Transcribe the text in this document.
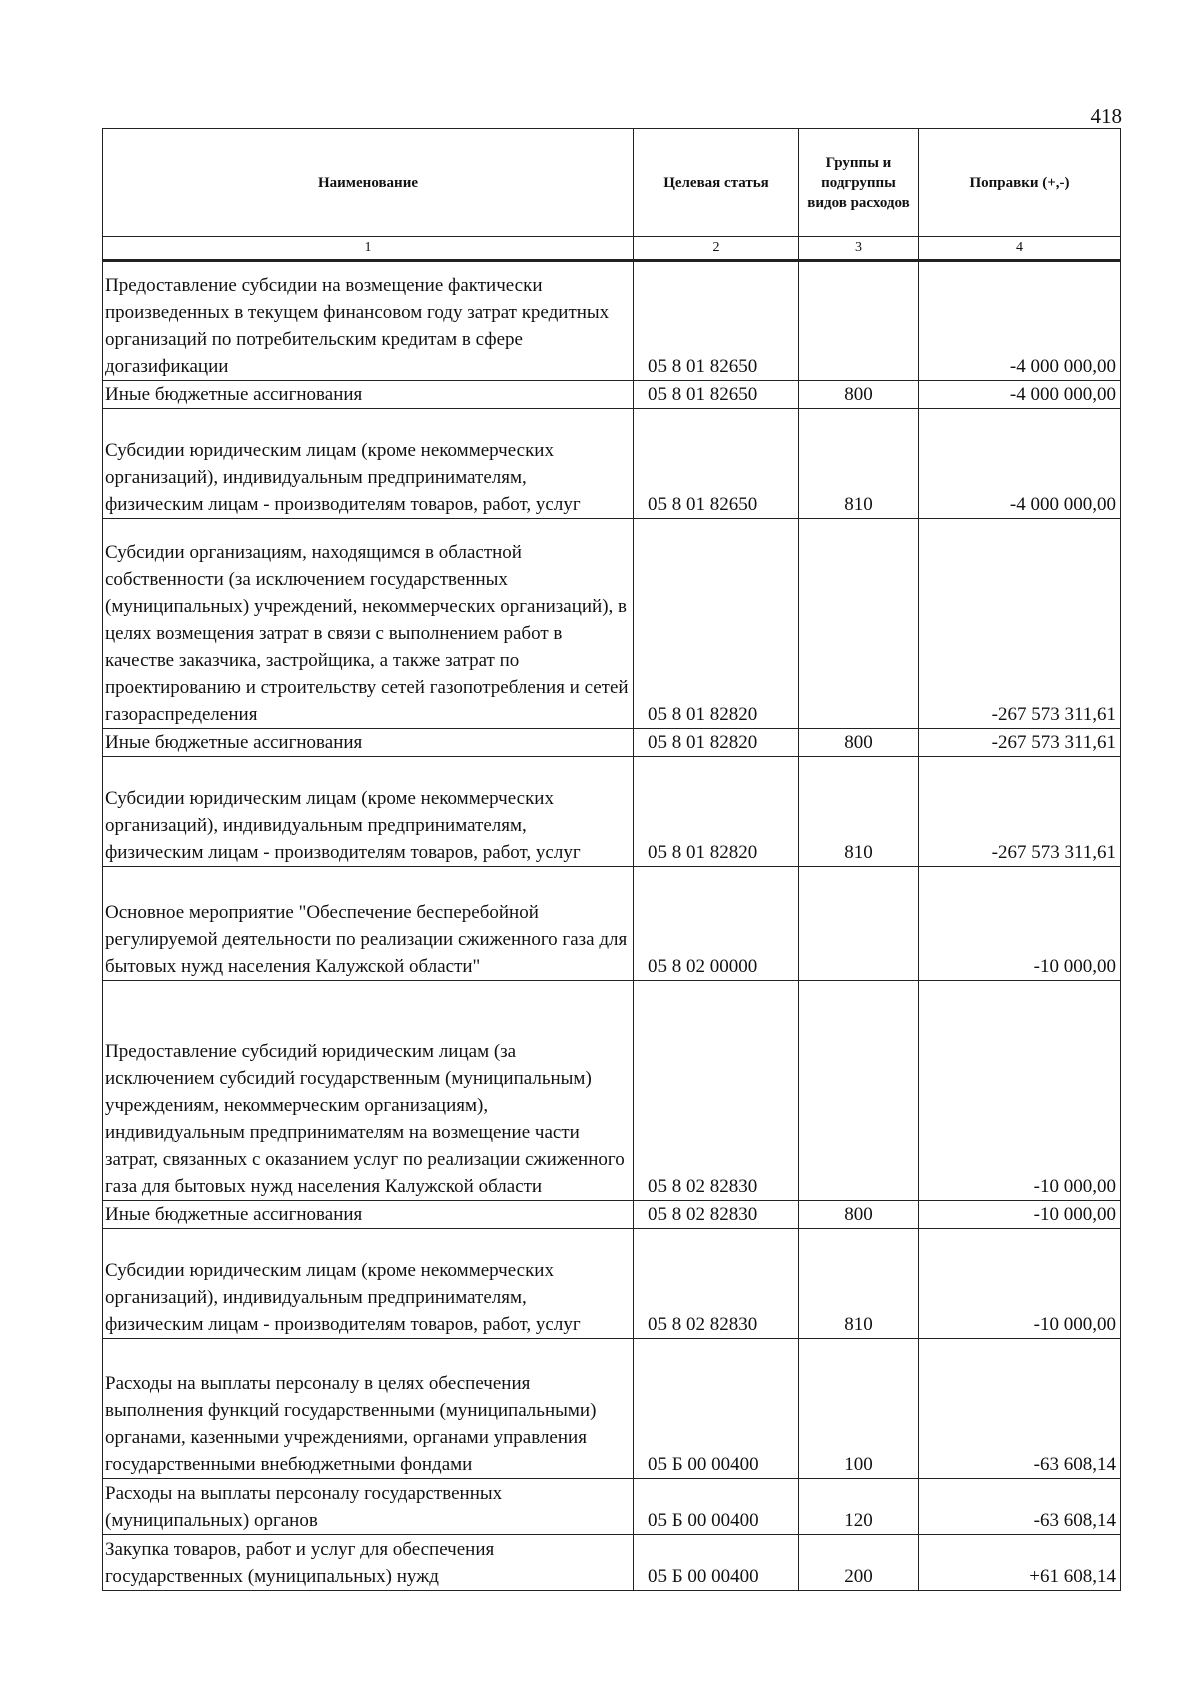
418
Наименование	Целевая статья	Группы и подгруппы видов расходов	Поправки (+,-)
1	2	3	4
Предоставление субсидии на возмещение фактически произведенных в текущем финансовом году затрат кредитных организаций по потребительским кредитам в сфере догазификации	05 8 01 82650		-4 000 000,00
Иные бюджетные ассигнования	05 8 01 82650	800	-4 000 000,00
Субсидии юридическим лицам (кроме некоммерческих организаций), индивидуальным предпринимателям, физическим лицам - производителям товаров, работ, услуг	05 8 01 82650	810	-4 000 000,00
Субсидии организациям, находящимся в областной собственности (за исключением государственных (муниципальных) учреждений, некоммерческих организаций), в целях возмещения затрат в связи с выполнением работ в качестве заказчика, застройщика, а также затрат по проектированию и строительству сетей газопотребления и сетей газораспределения	05 8 01 82820		-267 573 311,61
Иные бюджетные ассигнования	05 8 01 82820	800	-267 573 311,61
Субсидии юридическим лицам (кроме некоммерческих организаций), индивидуальным предпринимателям, физическим лицам - производителям товаров, работ, услуг	05 8 01 82820	810	-267 573 311,61
Основное мероприятие "Обеспечение бесперебойной регулируемой деятельности по реализации сжиженного газа для бытовых нужд населения Калужской области"	05 8 02 00000		-10 000,00
Предоставление субсидий юридическим лицам (за исключением субсидий государственным (муниципальным) учреждениям, некоммерческим организациям), индивидуальным предпринимателям на возмещение части затрат, связанных с оказанием услуг по реализации сжиженного газа для бытовых нужд населения Калужской области	05 8 02 82830		-10 000,00
Иные бюджетные ассигнования	05 8 02 82830	800	-10 000,00
Субсидии юридическим лицам (кроме некоммерческих организаций), индивидуальным предпринимателям, физическим лицам - производителям товаров, работ, услуг	05 8 02 82830	810	-10 000,00
Расходы на выплаты персоналу в целях обеспечения выполнения функций государственными (муниципальными) органами, казенными учреждениями, органами управления государственными внебюджетными фондами	05 Б 00 00400	100	-63 608,14
Расходы на выплаты персоналу государственных (муниципальных) органов	05 Б 00 00400	120	-63 608,14
Закупка товаров, работ и услуг для обеспечения государственных (муниципальных) нужд	05 Б 00 00400	200	+61 608,14
